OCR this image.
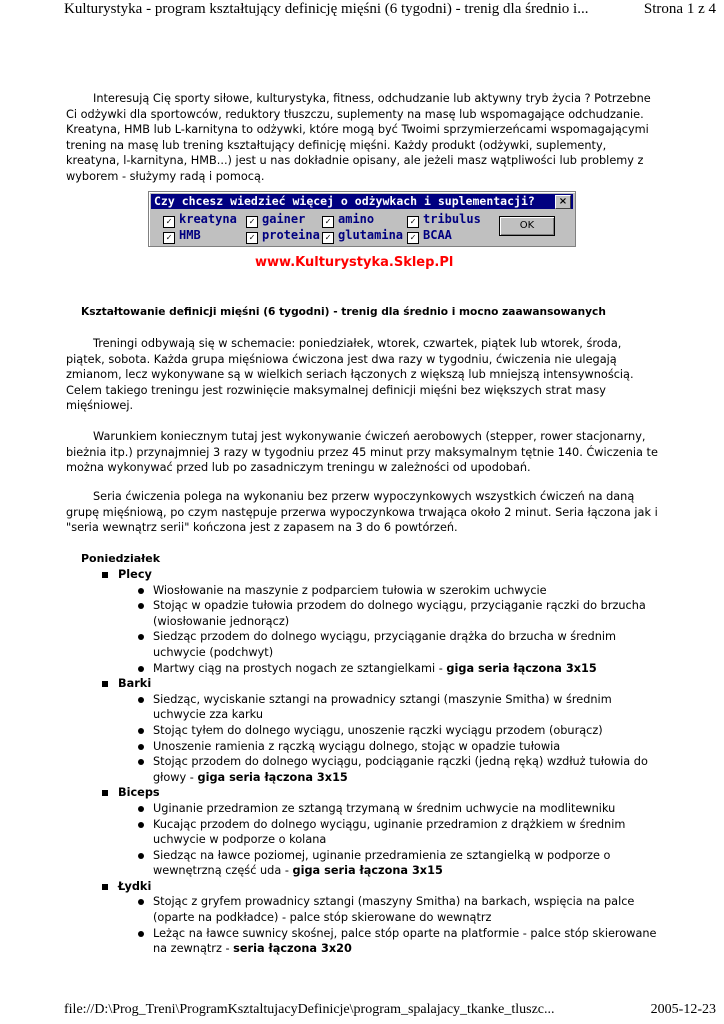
Kulturystyka - program kształtujący definicję mięśni (6 tygodni) - trenig dla średnio i...	Strona 1 z 4

Interesują Cię sporty siłowe, kulturystyka, fitness, odchudzanie lub aktywny tryb życia ? Potrzebne Ci odżywki dla sportowców, reduktory tłuszczu, suplementy na masę lub wspomagające odchudzanie. Kreatyna, HMB lub L-karnityna to odżywki, które mogą być Twoimi sprzymierzeńcami wspomagającymi trening na masę lub trening kształtujący definicję mięśni. Każdy produkt (odżywki, suplementy, kreatyna, l-karnityna, HMB...) jest u nas dokładnie opisany, ale jeżeli masz wątpliwości lub problemy z wyborem - służymy radą i pomocą.

Czy chcesz wiedzieć więcej o odżywkach i suplementacji?	×
✓ kreatyna	✓ gainer	✓ amino	✓ tribulus
✓ HMB	✓ proteina ✓ glutamina ✓ BCAA
OK
www.Kulturystyka.Sklep.Pl
Kształtowanie definicji mięśni (6 tygodni) - trenig dla średnio i mocno zaawansowanych

Treningi odbywają się w schemacie: poniedziałek, wtorek, czwartek, piątek lub wtorek, środa, piątek, sobota. Każda grupa mięśniowa ćwiczona jest dwa razy w tygodniu, ćwiczenia nie ulegają zmianom, lecz wykonywane są w wielkich seriach łączonych z większą lub mniejszą intensywnością. Celem takiego treningu jest rozwinięcie maksymalnej definicji mięśni bez większych strat masy mięśniowej.

Warunkiem koniecznym tutaj jest wykonywanie ćwiczeń aerobowych (stepper, rower stacjonarny, bieżnia itp.) przynajmniej 3 razy w tygodniu przez 45 minut przy maksymalnym tętnie 140. Ćwiczenia te można wykonywać przed lub po zasadniczym treningu w zależności od upodobań.

Seria ćwiczenia polega na wykonaniu bez przerw wypoczynkowych wszystkich ćwiczeń na daną grupę mięśniową, po czym następuje przerwa wypoczynkowa trwająca około 2 minut. Seria łączona jak i "seria wewnątrz serii" kończona jest z zapasem na 3 do 6 powtórzeń.

Poniedziałek
Plecy
Wiosłowanie na maszynie z podparciem tułowia w szerokim uchwycie
Stojąc w opadzie tułowia przodem do dolnego wyciągu, przyciąganie rączki do brzucha (wiosłowanie jednorącz)
Siedząc przodem do dolnego wyciągu, przyciąganie drążka do brzucha w średnim uchwycie (podchwyt)
Martwy ciąg na prostych nogach ze sztangielkami - giga seria łączona 3x15
Barki
Siedząc, wyciskanie sztangi na prowadnicy sztangi (maszynie Smitha) w średnim uchwycie zza karku
Stojąc tyłem do dolnego wyciągu, unoszenie rączki wyciągu przodem (oburącz)
Unoszenie ramienia z rączką wyciągu dolnego, stojąc w opadzie tułowia
Stojąc przodem do dolnego wyciągu, podciąganie rączki (jedną ręką) wzdłuż tułowia do głowy - giga seria łączona 3x15
Biceps
Uginanie przedramion ze sztangą trzymaną w średnim uchwycie na modlitewniku
Kucając przodem do dolnego wyciągu, uginanie przedramion z drążkiem w średnim uchwycie w podporze o kolana
Siedząc na ławce poziomej, uginanie przedramienia ze sztangielką w podporze o wewnętrzną część uda - giga seria łączona 3x15
Łydki
Stojąc z gryfem prowadnicy sztangi (maszyny Smitha) na barkach, wspięcia na palce (oparte na podkładce) - palce stóp skierowane do wewnątrz
Leżąc na ławce suwnicy skośnej, palce stóp oparte na platformie - palce stóp skierowane na zewnątrz - seria łączona 3x20
file://D:\Prog_Treni\ProgramKsztaltujacyDefinicje\program_spalajacy_tkanke_tluszc...	2005-12-23
